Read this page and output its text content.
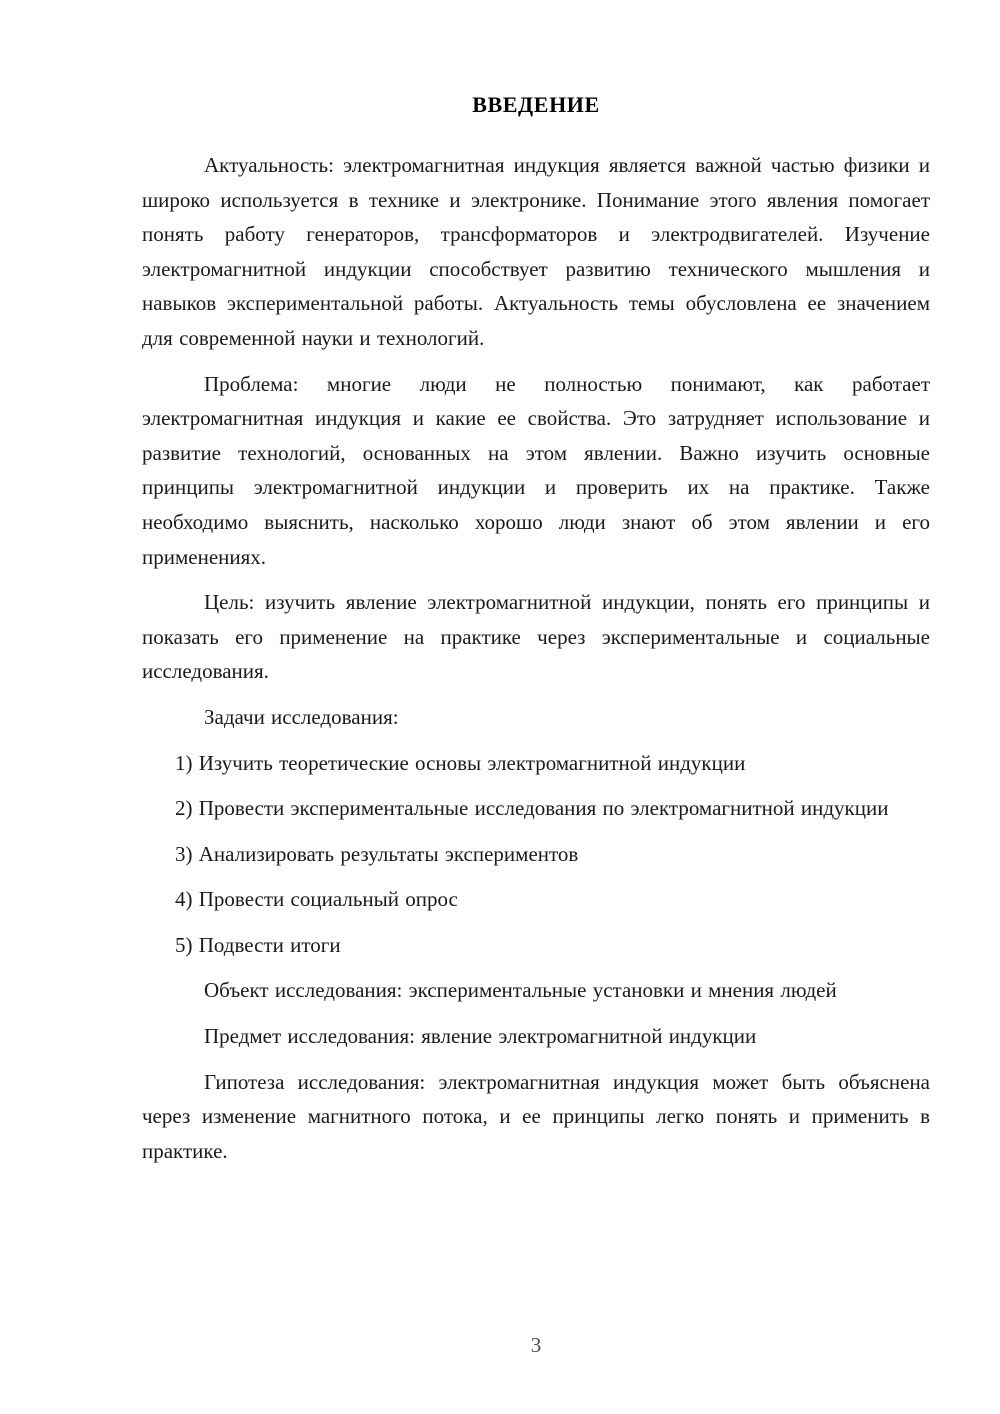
ВВЕДЕНИЕ

Актуальность: электромагнитная индукция является важной частью физики и широко используется в технике и электронике. Понимание этого явления помогает понять работу генераторов, трансформаторов и электродвигателей. Изучение электромагнитной индукции способствует развитию технического мышления и навыков экспериментальной работы. Актуальность темы обусловлена ее значением для современной науки и технологий.

Проблема: многие люди не полностью понимают, как работает электромагнитная индукция и какие ее свойства. Это затрудняет использование и развитие технологий, основанных на этом явлении. Важно изучить основные принципы электромагнитной индукции и проверить их на практике. Также необходимо выяснить, насколько хорошо люди знают об этом явлении и его применениях.

Цель: изучить явление электромагнитной индукции, понять его принципы и показать его применение на практике через экспериментальные и социальные исследования.

Задачи исследования:

1) Изучить теоретические основы электромагнитной индукции

2) Провести экспериментальные исследования по электромагнитной индукции

3) Анализировать результаты экспериментов

4) Провести социальный опрос

5) Подвести итоги

Объект исследования: экспериментальные установки и мнения людей

Предмет исследования: явление электромагнитной индукции

Гипотеза исследования: электромагнитная индукция может быть объяснена через изменение магнитного потока, и ее принципы легко понять и применить в практике.

3
